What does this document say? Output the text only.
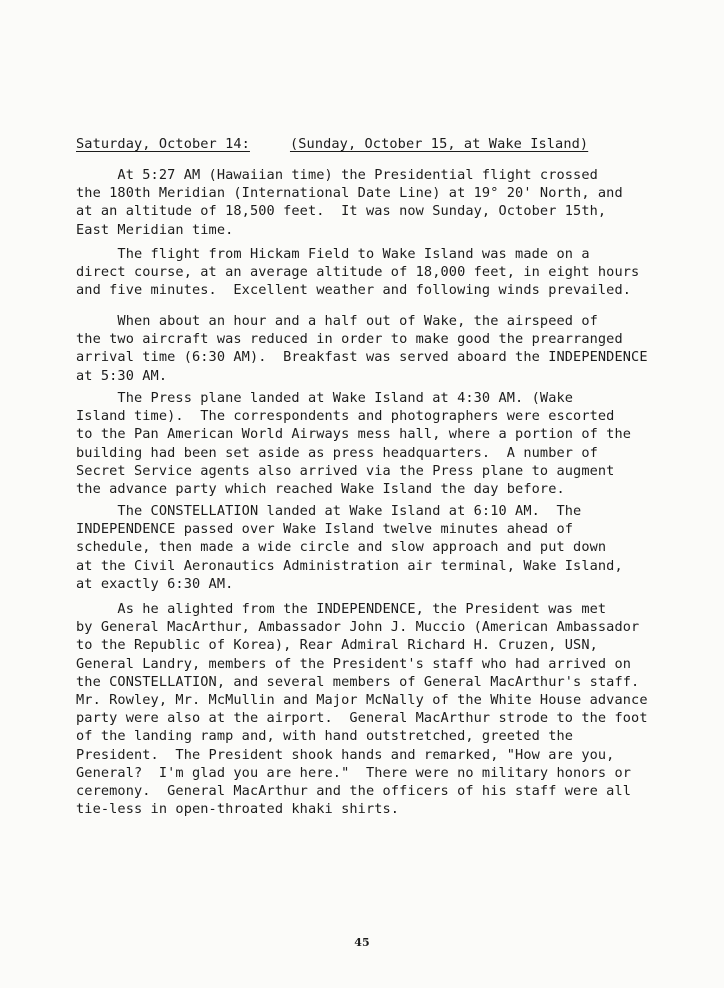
Saturday, October 14:	(Sunday, October 15, at Wake Island)
At 5:27 AM (Hawaiian time) the Presidential flight crossed
the 180th Meridian (International Date Line) at 19° 20' North, and
at an altitude of 18,500 feet.  It was now Sunday, October 15th,
East Meridian time.
The flight from Hickam Field to Wake Island was made on a
direct course, at an average altitude of 18,000 feet, in eight hours
and five minutes.  Excellent weather and following winds prevailed.
When about an hour and a half out of Wake, the airspeed of
the two aircraft was reduced in order to make good the prearranged
arrival time (6:30 AM).  Breakfast was served aboard the INDEPENDENCE
at 5:30 AM.
The Press plane landed at Wake Island at 4:30 AM. (Wake
Island time).  The correspondents and photographers were escorted
to the Pan American World Airways mess hall, where a portion of the
building had been set aside as press headquarters.  A number of
Secret Service agents also arrived via the Press plane to augment
the advance party which reached Wake Island the day before.
The CONSTELLATION landed at Wake Island at 6:10 AM.  The
INDEPENDENCE passed over Wake Island twelve minutes ahead of
schedule, then made a wide circle and slow approach and put down
at the Civil Aeronautics Administration air terminal, Wake Island,
at exactly 6:30 AM.
As he alighted from the INDEPENDENCE, the President was met
by General MacArthur, Ambassador John J. Muccio (American Ambassador
to the Republic of Korea), Rear Admiral Richard H. Cruzen, USN,
General Landry, members of the President's staff who had arrived on
the CONSTELLATION, and several members of General MacArthur's staff.
Mr. Rowley, Mr. McMullin and Major McNally of the White House advance
party were also at the airport.  General MacArthur strode to the foot
of the landing ramp and, with hand outstretched, greeted the
President.  The President shook hands and remarked, "How are you,
General?  I'm glad you are here."  There were no military honors or
ceremony.  General MacArthur and the officers of his staff were all
tie-less in open-throated khaki shirts.
45
